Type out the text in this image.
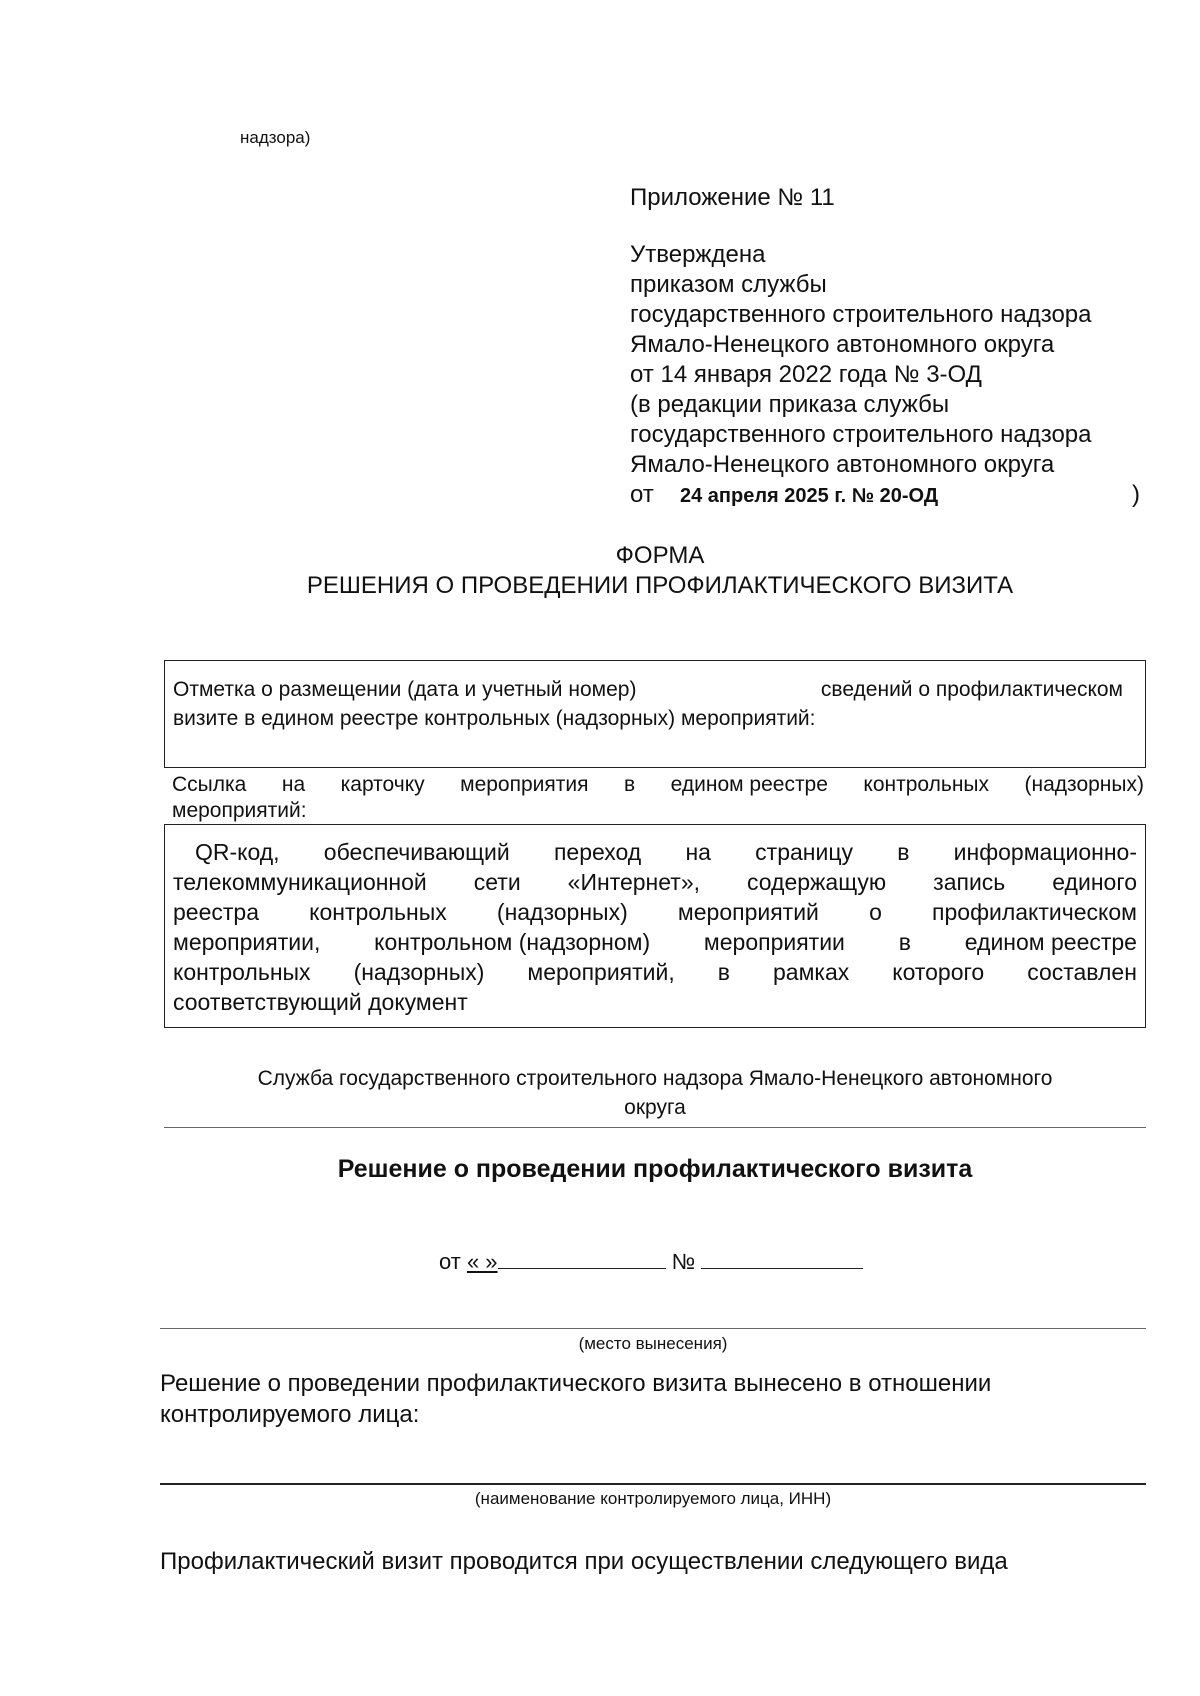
надзора)
Приложение № 11
Утверждена
приказом службы
государственного строительного надзора
Ямало-Ненецкого автономного округа
от 14 января 2022 года № 3-ОД
(в редакции приказа службы
государственного строительного надзора
Ямало-Ненецкого автономного округа
от 24 апреля 2025 г. № 20-ОД	)
ФОРМА
РЕШЕНИЯ О ПРОВЕДЕНИИ ПРОФИЛАКТИЧЕСКОГО ВИЗИТА
Отметка о размещении (дата и учетный номер)	сведений о профилактическом
визите в едином реестре контрольных (надзорных) мероприятий:
Ссылка на карточку мероприятия в едином реестре контрольных (надзорных)
мероприятий:
QR-код, обеспечивающий переход на страницу в информационно-
телекоммуникационной сети «Интернет», содержащую запись единого
реестра контрольных (надзорных) мероприятий о профилактическом
мероприятии, контрольном (надзорном) мероприятии в едином реестре
контрольных (надзорных) мероприятий, в рамках которого составлен
соответствующий документ
Служба государственного строительного надзора Ямало-Ненецкого автономного
округа
Решение о проведении профилактического визита
от « »	№
(место вынесения)
Решение о проведении профилактического визита вынесено в отношении
контролируемого лица:
(наименование контролируемого лица, ИНН)
Профилактический визит проводится при осуществлении следующего вида
